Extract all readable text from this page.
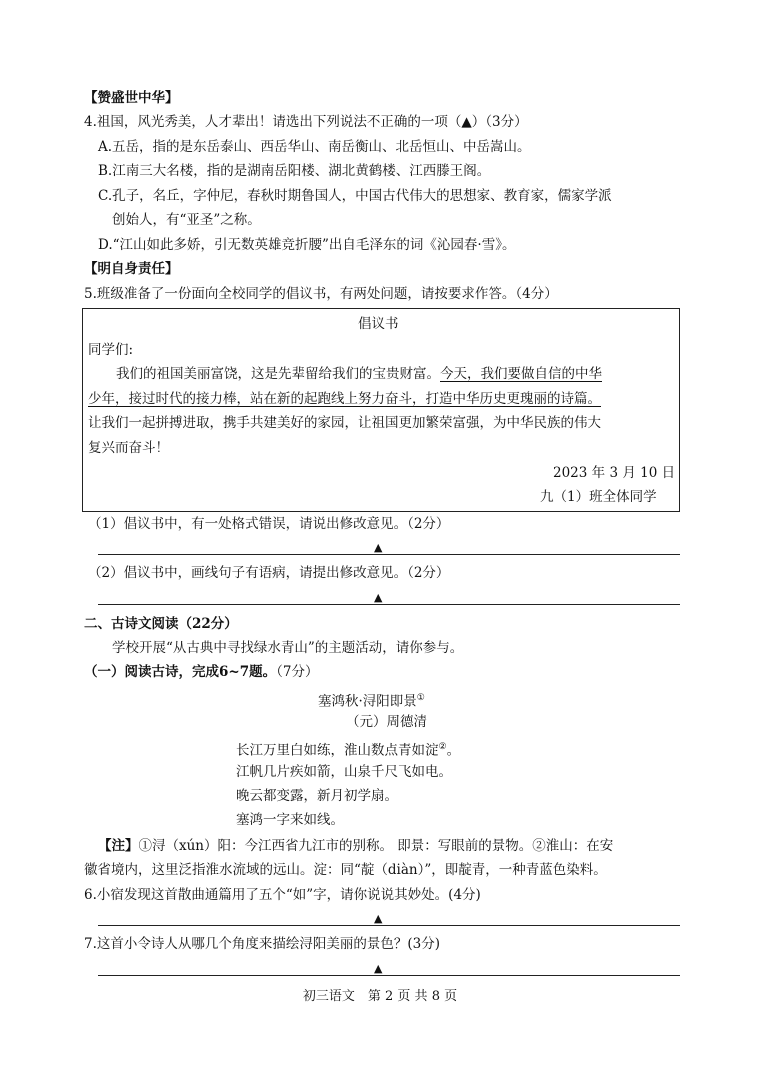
【赞盛世中华】
4.祖国，风光秀美，人才辈出！请选出下列说法不正确的一项（▲）（3分）
A.五岳，指的是东岳泰山、西岳华山、南岳衡山、北岳恒山、中岳嵩山。
B.江南三大名楼，指的是湖南岳阳楼、湖北黄鹤楼、江西滕王阁。
C.孔子，名丘，字仲尼，春秋时期鲁国人，中国古代伟大的思想家、教育家，儒家学派
创始人，有“亚圣”之称。
D.“江山如此多娇，引无数英雄竞折腰”出自毛泽东的词《沁园春·雪》。
【明自身责任】
5.班级准备了一份面向全校同学的倡议书，有两处问题，请按要求作答。（4分）
倡议书
同学们:
我们的祖国美丽富饶，这是先辈留给我们的宝贵财富。今天，我们要做自信的中华
少年，接过时代的接力棒，站在新的起跑线上努力奋斗，打造中华历史更瑰丽的诗篇。
让我们一起拼搏进取，携手共建美好的家园，让祖国更加繁荣富强，为中华民族的伟大
复兴而奋斗！
2023 年 3 月 10 日
九（1）班全体同学
（1）倡议书中，有一处格式错误，请说出修改意见。（2分）
▲
（2）倡议书中，画线句子有语病，请提出修改意见。（2分）
▲
二、古诗文阅读（22分）
学校开展“从古典中寻找绿水青山”的主题活动，请你参与。
（一）阅读古诗，完成6~7题。（7分）
塞鸿秋·浔阳即景①
（元）周德清
长江万里白如练，淮山数点青如淀②。
江帆几片疾如箭，山泉千尺飞如电。
晚云都变露，新月初学扇。
塞鸿一字来如线。
【注】①浔（xún）阳：今江西省九江市的别称。 即景：写眼前的景物。②淮山：在安
徽省境内，这里泛指淮水流域的远山。淀：同“靛（diàn）”，即靛青，一种青蓝色染料。
6.小宿发现这首散曲通篇用了五个“如”字，请你说说其妙处。(4分)
▲
7.这首小令诗人从哪几个角度来描绘浔阳美丽的景色？(3分)
▲
初三语文　第 2 页 共 8 页
